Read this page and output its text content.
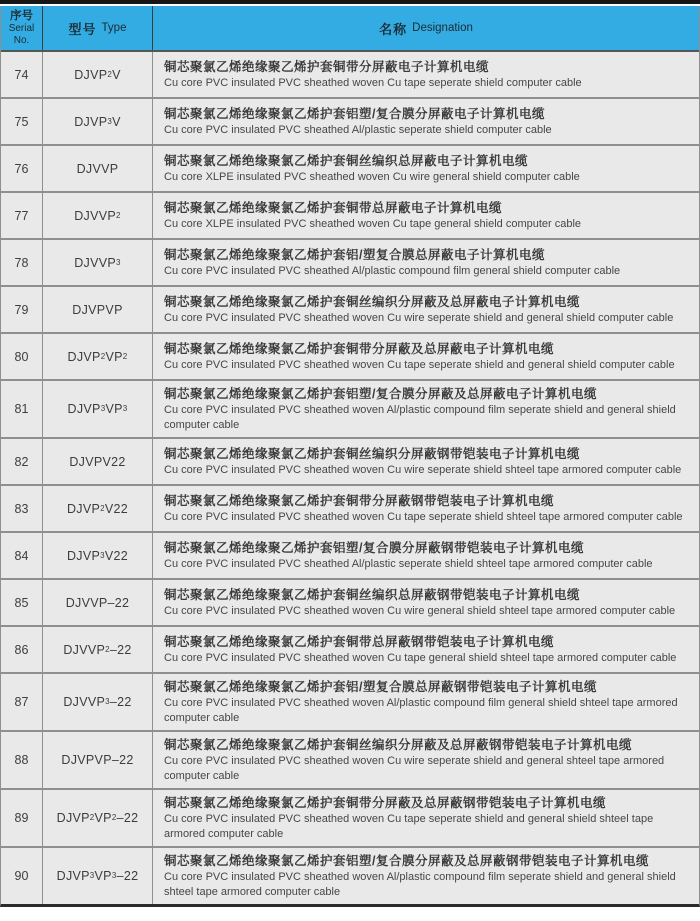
序号
Serial
No.
型号 Type	名称 Designation
74	DJVP 2 V
铜芯聚氯乙烯绝缘聚乙烯护套铜带分屏蔽电子计算机电缆
Cu core PVC insulated PVC sheathed woven Cu tape seperate shield computer cable
75	DJVP 3 V
铜芯聚氯乙烯绝缘聚氯乙烯护套铝塑/复合膜分屏蔽电子计算机电缆
Cu core PVC insulated PVC sheathed Al/plastic seperate shield computer cable
76	DJVVP
铜芯聚氯乙烯绝缘聚氯乙烯护套铜丝编织总屏蔽电子计算机电缆
Cu core XLPE insulated PVC sheathed woven Cu wire general shield computer cable
77	DJVVP 2
铜芯聚氯乙烯绝缘聚氯乙烯护套铜带总屏蔽电子计算机电缆
Cu core XLPE insulated PVC sheathed woven Cu tape general shield computer cable
78	DJVVP 3
铜芯聚氯乙烯绝缘聚氯乙烯护套铝/塑复合膜总屏蔽电子计算机电缆
Cu core PVC insulated PVC sheathed Al/plastic compound film general shield computer cable
79	DJVPVP
铜芯聚氯乙烯绝缘聚氯乙烯护套铜丝编织分屏蔽及总屏蔽电子计算机电缆
Cu core PVC insulated PVC sheathed woven Cu wire seperate shield and general shield computer cable
80	DJVP 2 VP 2
铜芯聚氯乙烯绝缘聚氯乙烯护套铜带分屏蔽及总屏蔽电子计算机电缆
Cu core PVC insulated PVC sheathed woven Cu tape seperate shield and general shield computer cable
81	DJVP 3 VP 3
铜芯聚氯乙烯绝缘聚氯乙烯护套铝塑/复合膜分屏蔽及总屏蔽电子计算机电缆
Cu core PVC insulated PVC sheathed woven Al/plastic compound film seperate shield and general shield computer cable
82	DJVPV22
铜芯聚氯乙烯绝缘聚氯乙烯护套铜丝编织分屏蔽钢带铠装电子计算机电缆
Cu core PVC insulated PVC sheathed woven Cu wire seperate shield shteel tape armored computer cable
83	DJVP 2 V22
铜芯聚氯乙烯绝缘聚氯乙烯护套铜带分屏蔽钢带铠装电子计算机电缆
Cu core PVC insulated PVC sheathed woven Cu tape seperate shield shteel tape armored computer cable
84	DJVP 3 V22
铜芯聚氯乙烯绝缘聚乙烯护套铝塑/复合膜分屏蔽钢带铠装电子计算机电缆
Cu core PVC insulated PVC sheathed Al/plastic seperate shield shteel tape armored computer cable
85	DJVVP–22
铜芯聚氯乙烯绝缘聚氯乙烯护套铜丝编织总屏蔽钢带铠装电子计算机电缆
Cu core PVC insulated PVC sheathed woven Cu wire general shield shteel tape armored computer cable
86	DJVVP 2 –22
铜芯聚氯乙烯绝缘聚氯乙烯护套铜带总屏蔽钢带铠装电子计算机电缆
Cu core PVC insulated PVC sheathed woven Cu tape general shield shteel tape armored computer cable
87	DJVVP 3 –22
铜芯聚氯乙烯绝缘聚氯乙烯护套铝/塑复合膜总屏蔽钢带铠装电子计算机电缆
Cu core PVC insulated PVC sheathed woven Al/plastic compound film general shield shteel tape armored computer cable
88	DJVPVP–22
铜芯聚氯乙烯绝缘聚氯乙烯护套铜丝编织分屏蔽及总屏蔽钢带铠装电子计算机电缆
Cu core PVC insulated PVC sheathed woven Cu wire seperate shield and general shteel tape armored computer cable
89	DJVP 2 VP 2 –22
铜芯聚氯乙烯绝缘聚氯乙烯护套铜带分屏蔽及总屏蔽钢带铠装电子计算机电缆
Cu core PVC insulated PVC sheathed woven Cu tape seperate shield and general shield shteel tape armored computer cable
90	DJVP 3 VP 3 –22
铜芯聚氯乙烯绝缘聚氯乙烯护套铝塑/复合膜分屏蔽及总屏蔽钢带铠装电子计算机电缆
Cu core PVC insulated PVC sheathed woven Al/plastic compound film seperate shield and general shield shteel tape armored computer cable
